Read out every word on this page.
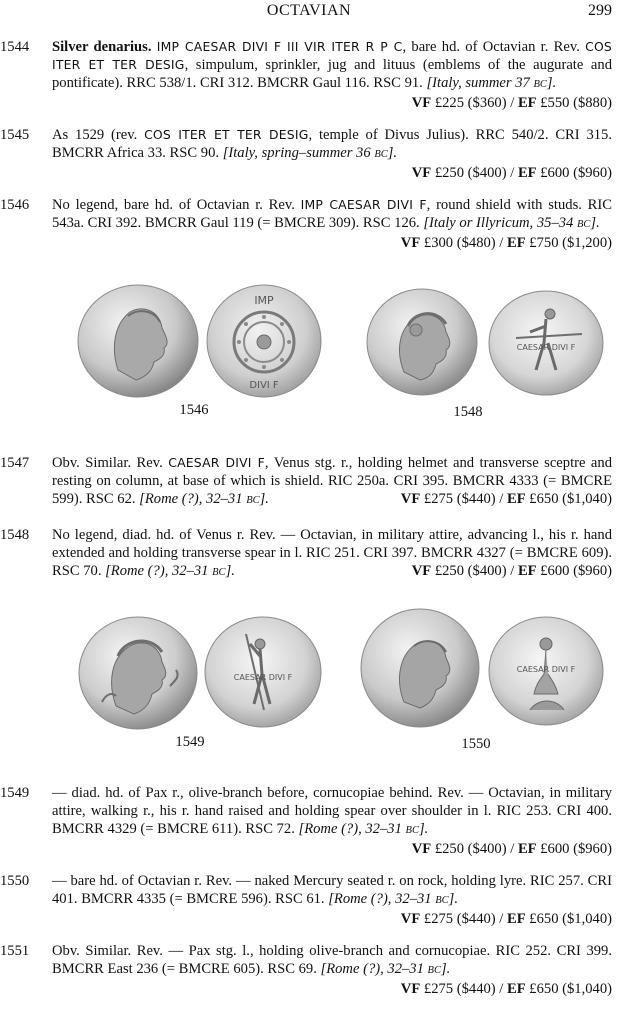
OCTAVIAN	299
1544	Silver denarius. IMP CAESAR DIVI F III VIR ITER R P C, bare hd. of Octavian r. Rev. COS ITER ET TER DESIG, simpulum, sprinkler, jug and lituus (emblems of the augurate and pontificate). RRC 538/1. CRI 312. BMCRR Gaul 116. RSC 91. [Italy, summer 37 BC].
VF £225 ($360) / EF £550 ($880)
1545	As 1529 (rev. COS ITER ET TER DESIG, temple of Divus Julius). RRC 540/2. CRI 315. BMCRR Africa 33. RSC 90. [Italy, spring–summer 36 BC].
VF £250 ($400) / EF £600 ($960)
1546	No legend, bare hd. of Octavian r. Rev. IMP CAESAR DIVI F, round shield with studs. RIC 543a. CRI 392. BMCRR Gaul 119 (= BMCRE 309). RSC 126. [Italy or Illyricum, 35–34 BC].
VF £300 ($480) / EF £750 ($1,200)
IMP
DIVI F
CAESAR DIVI F
1546	1548
1547	Obv. Similar. Rev. CAESAR DIVI F, Venus stg. r., holding helmet and transverse sceptre and resting on column, at base of which is shield. RIC 250a. CRI 395. BMCRR 4333 (= BMCRE 599). RSC 62. [Rome (?), 32–31 BC].	VF £275 ($440) / EF £650 ($1,040)
1548	No legend, diad. hd. of Venus r. Rev. — Octavian, in military attire, advancing l., his r. hand extended and holding transverse spear in l. RIC 251. CRI 397. BMCRR 4327 (= BMCRE 609). RSC 70. [Rome (?), 32–31 BC].	VF £250 ($400) / EF £600 ($960)
CAESAR DIVI F
CAESAR DIVI F
1549	1550
1549	— diad. hd. of Pax r., olive-branch before, cornucopiae behind. Rev. — Octavian, in military attire, walking r., his r. hand raised and holding spear over shoulder in l. RIC 253. CRI 400. BMCRR 4329 (= BMCRE 611). RSC 72. [Rome (?), 32–31 BC].
VF £250 ($400) / EF £600 ($960)
1550	— bare hd. of Octavian r. Rev. — naked Mercury seated r. on rock, holding lyre. RIC 257. CRI 401. BMCRR 4335 (= BMCRE 596). RSC 61. [Rome (?), 32–31 BC].
VF £275 ($440) / EF £650 ($1,040)
1551	Obv. Similar. Rev. — Pax stg. l., holding olive-branch and cornucopiae. RIC 252. CRI 399. BMCRR East 236 (= BMCRE 605). RSC 69. [Rome (?), 32–31 BC].
VF £275 ($440) / EF £650 ($1,040)
